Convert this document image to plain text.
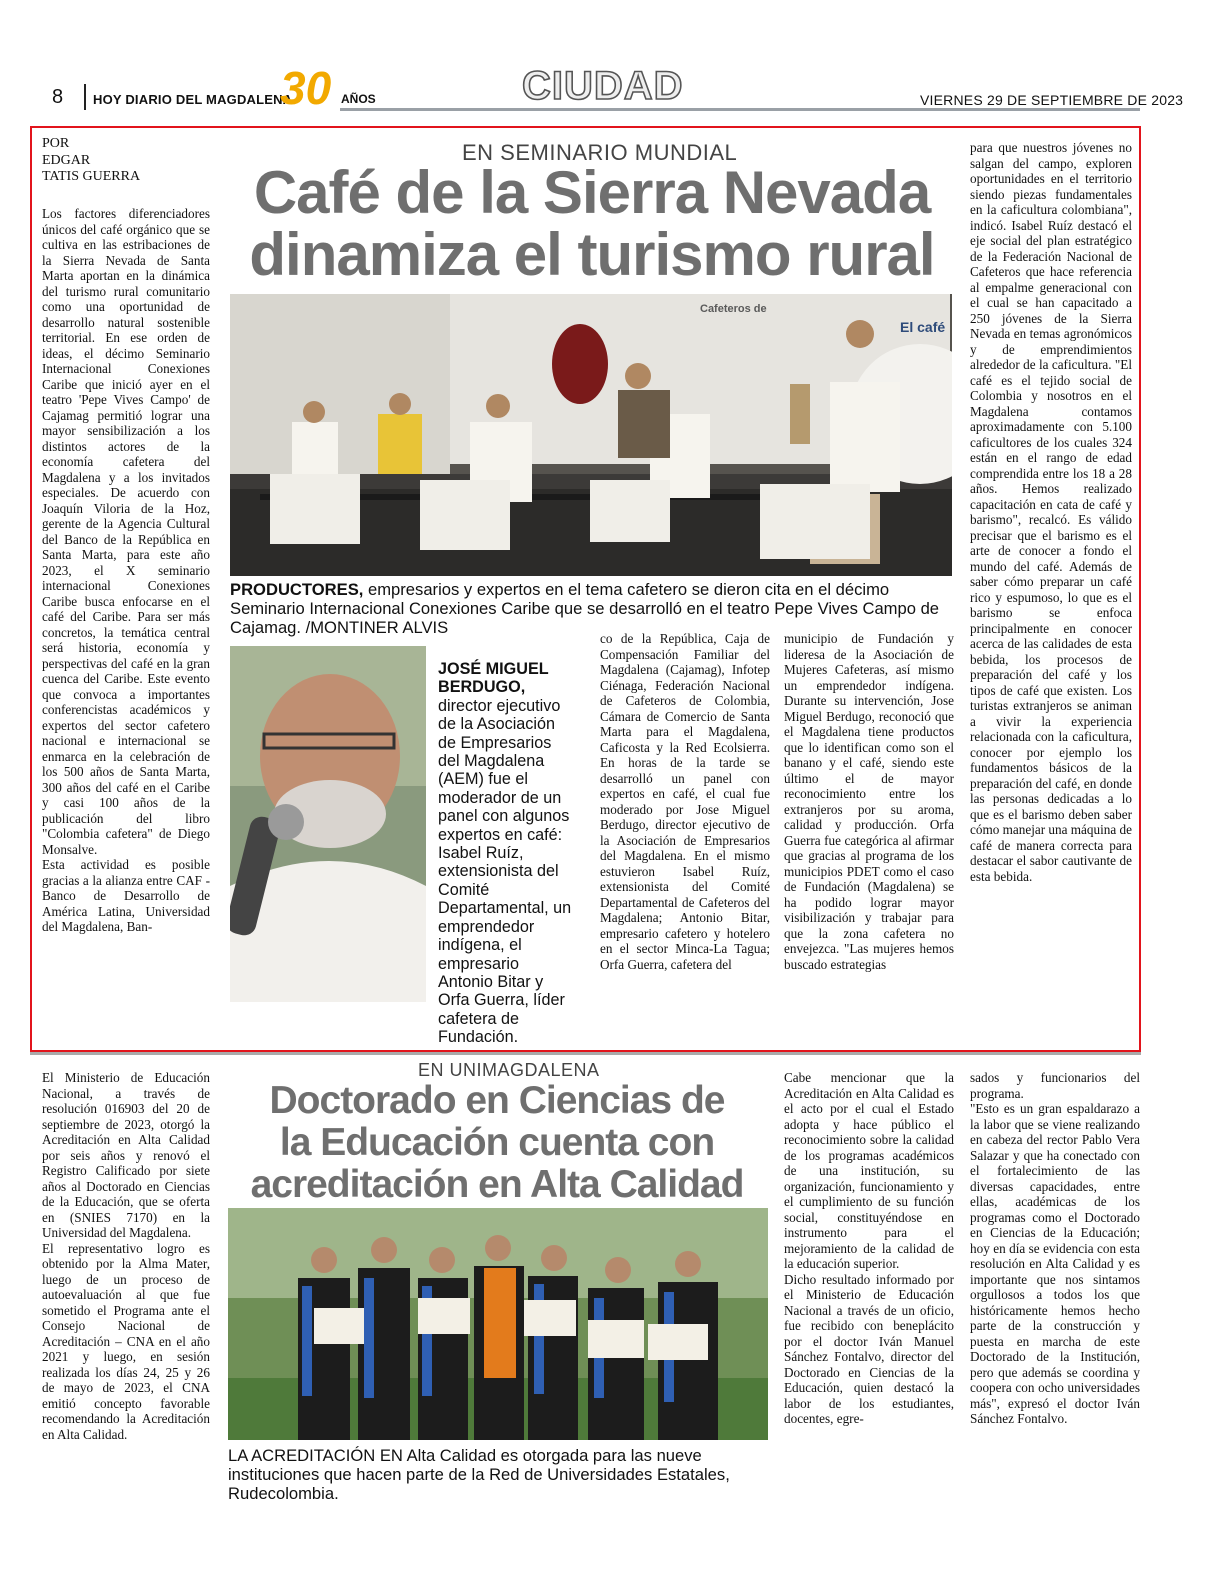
8 HOY DIARIO DEL MAGDALENA
30 AÑOS	CIUDAD	VIERNES 29 DE SEPTIEMBRE DE 2023
POR
EDGAR
TATIS GUERRA

Los factores diferenciadores únicos del café orgánico que se cultiva en las estribaciones de la Sierra Nevada de Santa Marta aportan en la dinámica del turismo rural comunitario como una oportunidad de desarrollo natural sostenible territorial. En ese orden de ideas, el décimo Seminario Internacional Conexiones Caribe que inició ayer en el teatro 'Pepe Vives Campo' de Cajamag permitió lograr una mayor sensibilización a los distintos actores de la economía cafetera del Magdalena y a los invitados especiales. De acuerdo con Joaquín Viloria de la Hoz, gerente de la Agencia Cultural del Banco de la República en Santa Marta, para este año 2023, el X seminario internacional Conexiones Caribe busca enfocarse en el café del Caribe. Para ser más concretos, la temática central será historia, economía y perspectivas del café en la gran cuenca del Caribe. Este evento que convoca a importantes conferencistas académicos y expertos del sector cafetero nacional e internacional se enmarca en la celebración de los 500 años de Santa Marta, 300 años del café en el Caribe y casi 100 años de la publicación del libro "Colombia cafetera" de Diego Monsalve.

Esta actividad es posible gracias a la alianza entre CAF - Banco de Desarrollo de América Latina, Universidad del Magdalena, Ban-

EN SEMINARIO MUNDIAL
Café de la Sierra Nevada
dinamiza el turismo rural
Cafeteros de
El café
PRODUCTORES, empresarios y expertos en el tema cafetero se dieron cita en el décimo Seminario Internacional Conexiones Caribe que se desarrolló en el teatro Pepe Vives Campo de Cajamag. /MONTINER ALVIS
JOSÉ MIGUEL BERDUGO, director ejecutivo de la Asociación de Empresarios del Magdalena (AEM) fue el moderador de un panel con algunos expertos en café: Isabel Ruíz, extensionista del Comité Departamental, un emprendedor indígena, el empresario Antonio Bitar y Orfa Guerra, líder cafetera de Fundación.

co de la República, Caja de Compensación Familiar del Magdalena (Cajamag), Infotep Ciénaga, Federación Nacional de Cafeteros de Colombia, Cámara de Comercio de Santa Marta para el Magdalena, Caficosta y la Red Ecolsierra. En horas de la tarde se desarrolló un panel con expertos en café, el cual fue moderado por Jose Miguel Berdugo, director ejecutivo de la Asociación de Empresarios del Magdalena. En el mismo estuvieron Isabel Ruíz, extensionista del Comité Departamental de Cafeteros del Magdalena; Antonio Bitar, empresario cafetero y hotelero en el sector Minca-La Tagua; Orfa Guerra, cafetera del

municipio de Fundación y lideresa de la Asociación de Mujeres Cafeteras, así mismo un emprendedor indígena. Durante su intervención, Jose Miguel Berdugo, reconoció que el Magdalena tiene productos que lo identifican como son el banano y el café, siendo este último el de mayor reconocimiento entre los extranjeros por su aroma, calidad y producción. Orfa Guerra fue categórica al afirmar que gracias al programa de los municipios PDET como el caso de Fundación (Magdalena) se ha podido lograr mayor visibilización y trabajar para que la zona cafetera no envejezca. "Las mujeres hemos buscado estrategias

para que nuestros jóvenes no salgan del campo, exploren oportunidades en el territorio siendo piezas fundamentales en la caficultura colombiana", indicó. Isabel Ruíz destacó el eje social del plan estratégico de la Federación Nacional de Cafeteros que hace referencia al empalme generacional con el cual se han capacitado a 250 jóvenes de la Sierra Nevada en temas agronómicos y de emprendimientos alrededor de la caficultura. "El café es el tejido social de Colombia y nosotros en el Magdalena contamos aproximadamente con 5.100 caficultores de los cuales 324 están en el rango de edad comprendida entre los 18 a 28 años. Hemos realizado capacitación en cata de café y barismo", recalcó. Es válido precisar que el barismo es el arte de conocer a fondo el mundo del café. Además de saber cómo preparar un café rico y espumoso, lo que es el barismo se enfoca principalmente en conocer acerca de las calidades de esta bebida, los procesos de preparación del café y los tipos de café que existen. Los turistas extranjeros se animan a vivir la experiencia relacionada con la caficultura, conocer por ejemplo los fundamentos básicos de la preparación del café, en donde las personas dedicadas a lo que es el barismo deben saber cómo manejar una máquina de café de manera correcta para destacar el sabor cautivante de esta bebida.

El Ministerio de Educación Nacional, a través de resolución 016903 del 20 de septiembre de 2023, otorgó la Acreditación en Alta Calidad por seis años y renovó el Registro Calificado por siete años al Doctorado en Ciencias de la Educación, que se oferta en (SNIES 7170) en la Universidad del Magdalena.

El representativo logro es obtenido por la Alma Mater, luego de un proceso de autoevaluación al que fue sometido el Programa ante el Consejo Nacional de Acreditación – CNA en el año 2021 y luego, en sesión realizada los días 24, 25 y 26 de mayo de 2023, el CNA emitió concepto favorable recomendando la Acreditación en Alta Calidad.

EN UNIMAGDALENA
Doctorado en Ciencias de
la Educación cuenta con
acreditación en Alta Calidad
LA ACREDITACIÓN EN Alta Calidad es otorgada para las nueve instituciones que hacen parte de la Red de Universidades Estatales, Rudecolombia.

Cabe mencionar que la Acreditación en Alta Calidad es el acto por el cual el Estado adopta y hace público el reconocimiento sobre la calidad de los programas académicos de una institución, su organización, funcionamiento y el cumplimiento de su función social, constituyéndose en instrumento para el mejoramiento de la calidad de la educación superior.

Dicho resultado informado por el Ministerio de Educación Nacional a través de un oficio, fue recibido con beneplácito por el doctor Iván Manuel Sánchez Fontalvo, director del Doctorado en Ciencias de la Educación, quien destacó la labor de los estudiantes, docentes, egre-

sados y funcionarios del programa.

"Esto es un gran espaldarazo a la labor que se viene realizando en cabeza del rector Pablo Vera Salazar y que ha conectado con el fortalecimiento de las diversas capacidades, entre ellas, académicas de los programas como el Doctorado en Ciencias de la Educación; hoy en día se evidencia con esta resolución en Alta Calidad y es importante que nos sintamos orgullosos a todos los que históricamente hemos hecho parte de la construcción y puesta en marcha de este Doctorado de la Institución, pero que además se coordina y coopera con ocho universidades más", expresó el doctor Iván Sánchez Fontalvo.
